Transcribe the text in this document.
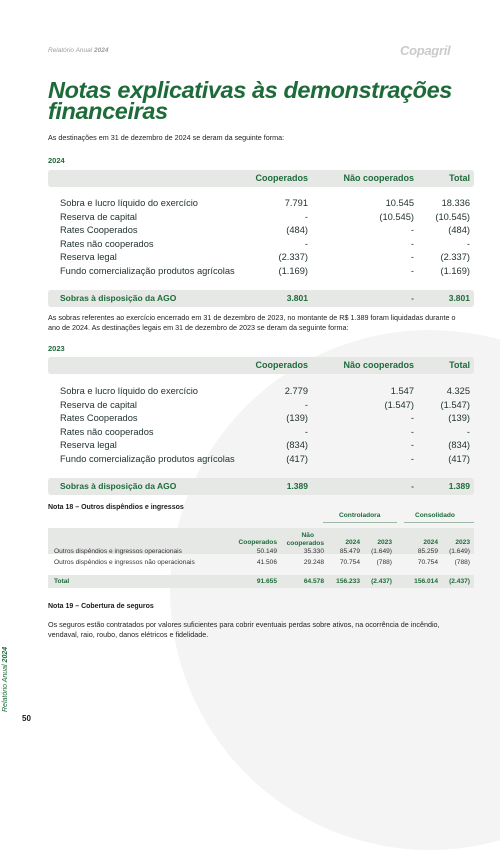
Relatório Anual 2024	Copagril
Notas explicativas às demonstrações financeiras
As destinações em 31 de dezembro de 2024 se deram da seguinte forma:
2024
Cooperados	Não cooperados	Total
Sobra e lucro líquido do exercício	7.791	10.545	18.336
Reserva de capital	-	(10.545) (10.545)
Rates Cooperados	(484)	-	(484)
Rates não cooperados	-	-	-
Reserva legal	(2.337)	-	(2.337)
Fundo comercialização produtos agrícolas	(1.169)	-	(1.169)
Sobras à disposição da AGO	3.801	-	3.801
As sobras referentes ao exercício encerrado em 31 de dezembro de 2023, no montante de R$ 1.389 foram liquidadas durante o ano de 2024. As destinações legais em 31 de dezembro de 2023 se deram da seguinte forma:
2023
Cooperados	Não cooperados	Total
Sobra e lucro líquido do exercício	2.779	1.547	4.325
Reserva de capital	-	(1.547)	(1.547)
Rates Cooperados	(139)	-	(139)
Rates não cooperados	-	-	-
Reserva legal	(834)	-	(834)
Fundo comercialização produtos agrícolas	(417)	-	(417)
Sobras à disposição da AGO	1.389	-	1.389
Nota 18 – Outros dispêndios e ingressos
Controladora	Consolidado
Cooperados
Não
cooperados	2024	2023	2024	2023
Outros dispêndios e ingressos operacionais	50.149	35.330 85.479 (1.649)	85.259 (1.649)
Outros dispêndios e ingressos não operacionais	41.506	29.248 70.754	(788)	70.754	(788)
Total	91.655	64.578 156.233 (2.437)	156.014 (2.437)
Nota 19 – Cobertura de seguros
Os seguros estão contratados por valores suficientes para cobrir eventuais perdas sobre ativos, na ocorrência de incêndio, vendaval, raio, roubo, danos elétricos e fidelidade.
Relatório Anual 2024
50
